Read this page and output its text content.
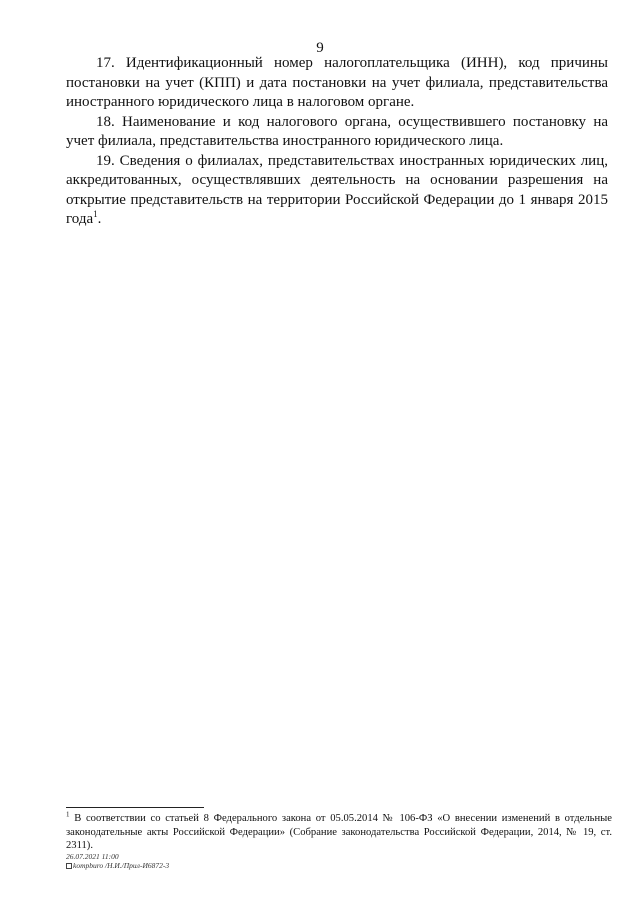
9

17. Идентификационный номер налогоплательщика (ИНН), код причины постановки на учет (КПП) и дата постановки на учет филиала, представительства иностранного юридического лица в налоговом органе.

18. Наименование и код налогового органа, осуществившего постановку на учет филиала, представительства иностранного юридического лица.

19. Сведения о филиалах, представительствах иностранных юридических лиц, аккредитованных, осуществлявших деятельность на основании разрешения на открытие представительств на территории Российской Федерации до 1 января 2015 года$^1$.

$^1$ В соответствии со статьей 8 Федерального закона от 05.05.2014 № 106-ФЗ «О внесении изменений в отдельные законодательные акты Российской Федерации» (Собрание законодательства Российской Федерации, 2014, № 19, ст. 2311).

26.07.2021 11:00
kompburo /Н.И./Прил-И6872-3
